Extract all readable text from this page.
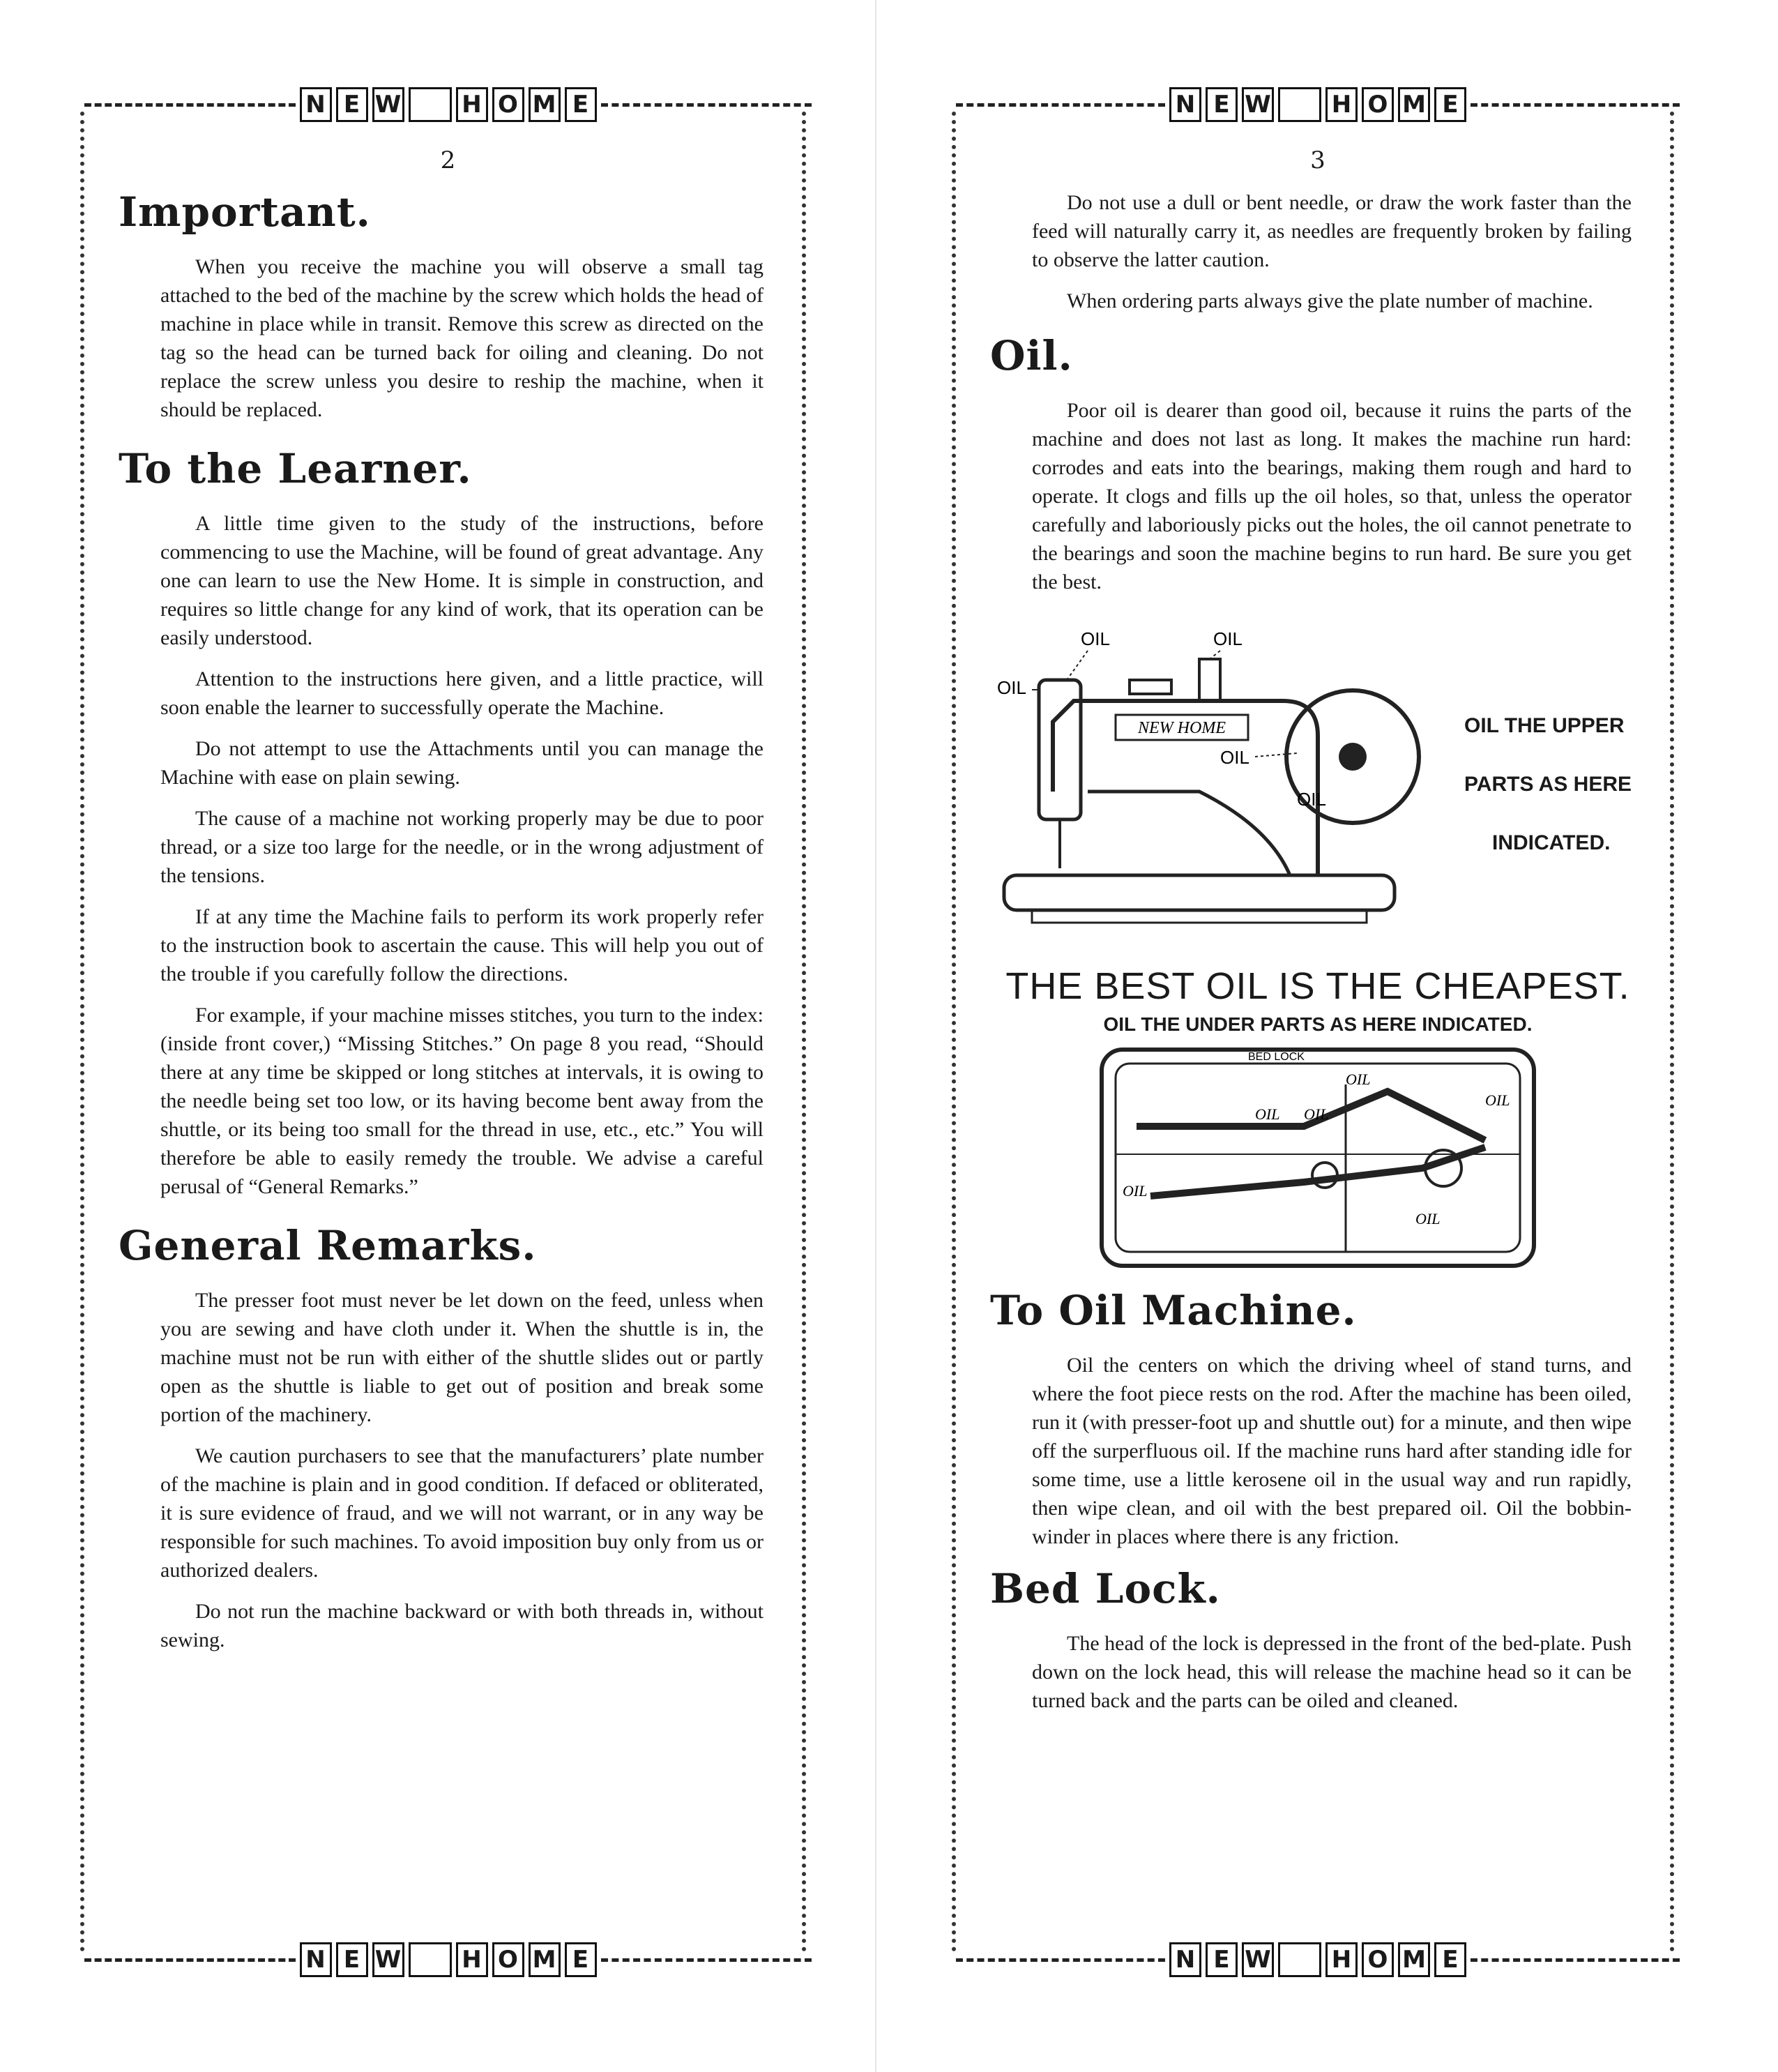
N E W	H O M E
2
Important.

When you receive the machine you will observe a small tag attached to the bed of the machine by the screw which holds the head of machine in place while in transit. Remove this screw as directed on the tag so the head can be turned back for oiling and cleaning. Do not replace the screw unless you desire to reship the machine, when it should be replaced.

To the Learner.

A little time given to the study of the instructions, before commencing to use the Machine, will be found of great advantage. Any one can learn to use the New Home. It is simple in construction, and requires so little change for any kind of work, that its operation can be easily understood.

Attention to the instructions here given, and a little practice, will soon enable the learner to successfully operate the Machine.

Do not attempt to use the Attachments until you can manage the Machine with ease on plain sewing.

The cause of a machine not working properly may be due to poor thread, or a size too large for the needle, or in the wrong adjustment of the tensions.

If at any time the Machine fails to perform its work properly refer to the instruction book to ascertain the cause. This will help you out of the trouble if you carefully follow the directions.

For example, if your machine misses stitches, you turn to the index: (inside front cover,) “Missing Stitches.” On page 8 you read, “Should there at any time be skipped or long stitches at intervals, it is owing to the needle being set too low, or its having become bent away from the shuttle, or its being too small for the thread in use, etc., etc.” You will therefore be able to easily remedy the trouble. We advise a careful perusal of “General Remarks.”

General Remarks.

The presser foot must never be let down on the feed, unless when you are sewing and have cloth under it. When the shuttle is in, the machine must not be run with either of the shuttle slides out or partly open as the shuttle is liable to get out of position and break some portion of the machinery.

We caution purchasers to see that the manufacturers’ plate number of the machine is plain and in good condition. If defaced or obliterated, it is sure evidence of fraud, and we will not warrant, or in any way be responsible for such machines. To avoid imposition buy only from us or authorized dealers.

Do not run the machine backward or with both threads in, without sewing.

N E W	H O M E
N E W	H O M E
3

Do not use a dull or bent needle, or draw the work faster than the feed will naturally carry it, as needles are frequently broken by failing to observe the latter caution.

When ordering parts always give the plate number of machine.

Oil.

Poor oil is dearer than good oil, because it ruins the parts of the machine and does not last as long. It makes the machine run hard: corrodes and eats into the bearings, making them rough and hard to operate. It clogs and fills up the oil holes, so that, unless the operator carefully and laboriously picks out the holes, the oil cannot penetrate to the bearings and soon the machine begins to run hard. Be sure you get the best.

NEW HOME
OIL	OIL
OIL
OIL
OIL
OIL THE UPPER
PARTS AS HERE
INDICATED.
THE BEST OIL IS THE CHEAPEST.
OIL THE UNDER PARTS AS HERE INDICATED.
BED LOCK
OIL
OIL OIL
OIL
OIL
OIL
To Oil Machine.

Oil the centers on which the driving wheel of stand turns, and where the foot piece rests on the rod. After the machine has been oiled, run it (with presser-foot up and shuttle out) for a minute, and then wipe off the surperfluous oil. If the machine runs hard after standing idle for some time, use a little kerosene oil in the usual way and run rapidly, then wipe clean, and oil with the best prepared oil. Oil the bobbin-winder in places where there is any friction.

Bed Lock.

The head of the lock is depressed in the front of the bed-plate. Push down on the lock head, this will release the machine head so it can be turned back and the parts can be oiled and cleaned.

N E W	H O M E
